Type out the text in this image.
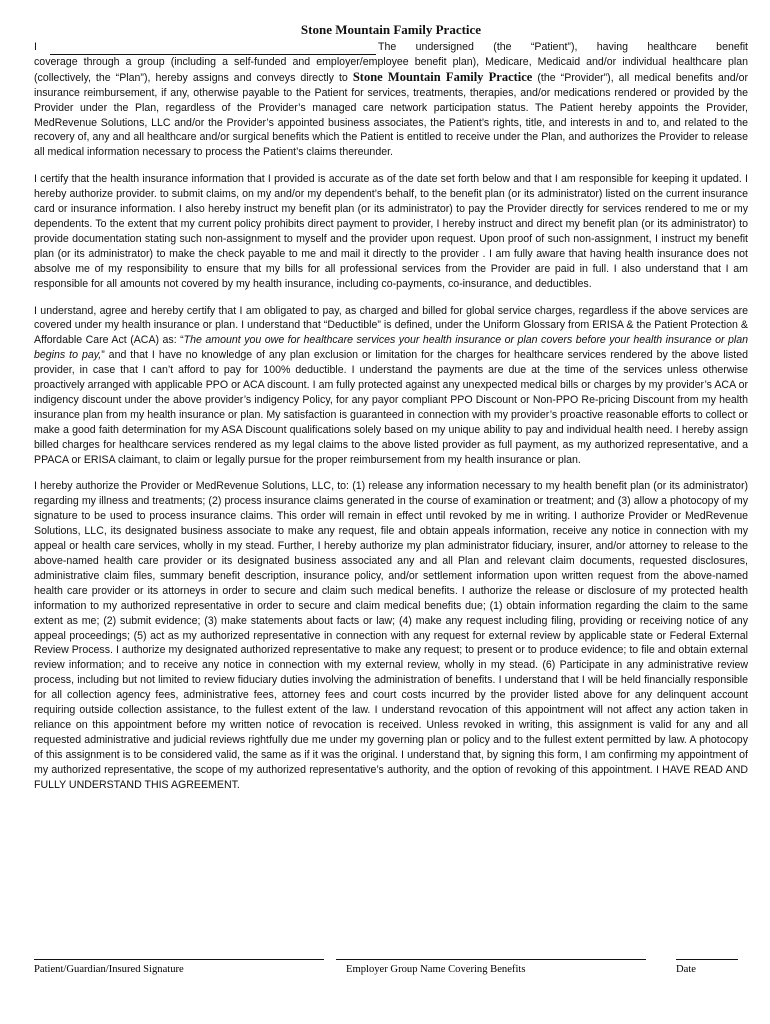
Stone Mountain Family Practice
I	The undersigned (the “Patient”), having healthcare benefit

coverage through a group (including a self-funded and employer/employee benefit plan), Medicare, Medicaid and/or individual healthcare plan (collectively, the “Plan”), hereby assigns and conveys directly to Stone Mountain Family Practice (the “Provider”), all medical benefits and/or insurance reimbursement, if any, otherwise payable to the Patient for services, treatments, therapies, and/or medications rendered or provided by the Provider under the Plan, regardless of the Provider’s managed care network participation status. The Patient hereby appoints the Provider, MedRevenue Solutions, LLC and/or the Provider’s appointed business associates, the Patient’s rights, title, and interests in and to, and related to the recovery of, any and all healthcare and/or surgical benefits which the Patient is entitled to receive under the Plan, and authorizes the Provider to release all medical information necessary to process the Patient’s claims thereunder.

I certify that the health insurance information that I provided is accurate as of the date set forth below and that I am responsible for keeping it updated. I hereby authorize provider. to submit claims, on my and/or my dependent’s behalf, to the benefit plan (or its administrator) listed on the current insurance card or insurance information. I also hereby instruct my benefit plan (or its administrator) to pay the Provider directly for services rendered to me or my dependents. To the extent that my current policy prohibits direct payment to provider, I hereby instruct and direct my benefit plan (or its administrator) to provide documentation stating such non-assignment to myself and the provider upon request. Upon proof of such non-assignment, I instruct my benefit plan (or its administrator) to make the check payable to me and mail it directly to the provider . I am fully aware that having health insurance does not absolve me of my responsibility to ensure that my bills for all professional services from the Provider are paid in full. I also understand that I am responsible for all amounts not covered by my health insurance, including co-payments, co-insurance, and deductibles.

I understand, agree and hereby certify that I am obligated to pay, as charged and billed for global service charges, regardless if the above services are covered under my health insurance or plan. I understand that “Deductible” is defined, under the Uniform Glossary from ERISA & the Patient Protection & Affordable Care Act (ACA) as: “The amount you owe for healthcare services your health insurance or plan covers before your health insurance or plan begins to pay,” and that I have no knowledge of any plan exclusion or limitation for the charges for healthcare services rendered by the above listed provider, in case that I can’t afford to pay for 100% deductible. I understand the payments are due at the time of the services unless otherwise proactively arranged with applicable PPO or ACA discount. I am fully protected against any unexpected medical bills or charges by my provider’s ACA or indigency discount under the above provider’s indigency Policy, for any payor compliant PPO Discount or Non-PPO Re-pricing Discount from my health insurance plan from my health insurance or plan. My satisfaction is guaranteed in connection with my provider’s proactive reasonable efforts to collect or make a good faith determination for my ASA Discount qualifications solely based on my unique ability to pay and individual health need. I hereby assign billed charges for healthcare services rendered as my legal claims to the above listed provider as full payment, as my authorized representative, and a PPACA or ERISA claimant, to claim or legally pursue for the proper reimbursement from my health insurance or plan.

I hereby authorize the Provider or MedRevenue Solutions, LLC, to: (1) release any information necessary to my health benefit plan (or its administrator) regarding my illness and treatments; (2) process insurance claims generated in the course of examination or treatment; and (3) allow a photocopy of my signature to be used to process insurance claims. This order will remain in effect until revoked by me in writing. I authorize Provider or MedRevenue Solutions, LLC, its designated business associate to make any request, file and obtain appeals information, receive any notice in connection with my appeal or health care services, wholly in my stead. Further, I hereby authorize my plan administrator fiduciary, insurer, and/or attorney to release to the above-named health care provider or its designated business associated any and all Plan and relevant claim documents, requested disclosures, administrative claim files, summary benefit description, insurance policy, and/or settlement information upon written request from the above-named health care provider or its attorneys in order to secure and claim such medical benefits. I authorize the release or disclosure of my protected health information to my authorized representative in order to secure and claim medical benefits due; (1) obtain information regarding the claim to the same extent as me; (2) submit evidence; (3) make statements about facts or law; (4) make any request including filing, providing or receiving notice of any appeal proceedings; (5) act as my authorized representative in connection with any request for external review by applicable state or Federal External Review Process. I authorize my designated authorized representative to make any request; to present or to produce evidence; to file and obtain external review information; and to receive any notice in connection with my external review, wholly in my stead. (6) Participate in any administrative review process, including but not limited to review fiduciary duties involving the administration of benefits. I understand that I will be held financially responsible for all collection agency fees, administrative fees, attorney fees and court costs incurred by the provider listed above for any delinquent account requiring outside collection assistance, to the fullest extent of the law. I understand revocation of this appointment will not affect any action taken in reliance on this appointment before my written notice of revocation is received. Unless revoked in writing, this assignment is valid for any and all requested administrative and judicial reviews rightfully due me under my governing plan or policy and to the fullest extent permitted by law. A photocopy of this assignment is to be considered valid, the same as if it was the original. I understand that, by signing this form, I am confirming my appointment of my authorized representative, the scope of my authorized representative’s authority, and the option of revoking of this appointment. I HAVE READ AND FULLY UNDERSTAND THIS AGREEMENT.

Patient/Guardian/Insured Signature	Employer Group Name Covering Benefits	Date
